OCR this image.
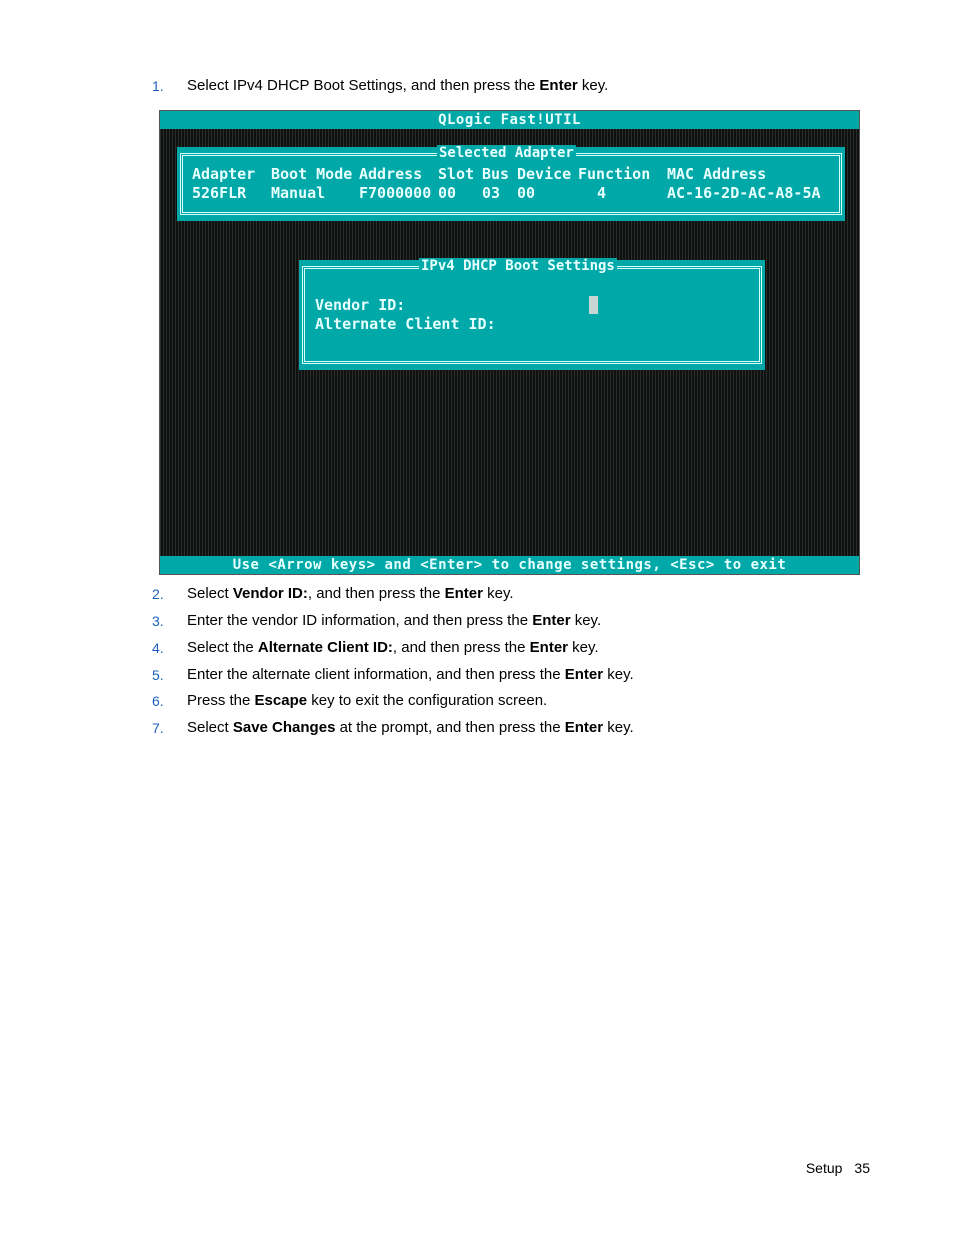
1. Select IPv4 DHCP Boot Settings, and then press the Enter key.
QLogic Fast!UTIL
Selected Adapter
Adapter Boot Mode Address Slot Bus Device Function MAC Address
526FLR Manual F7000000 00 03 00	4	AC-16-2D-AC-A8-5A
IPv4 DHCP Boot Settings
Vendor ID:
Alternate Client ID:
Use <Arrow keys> and <Enter> to change settings, <Esc> to exit
2. Select Vendor ID:, and then press the Enter key.
3. Enter the vendor ID information, and then press the Enter key.
4. Select the Alternate Client ID:, and then press the Enter key.
5. Enter the alternate client information, and then press the Enter key.
6. Press the Escape key to exit the configuration screen.
7. Select Save Changes at the prompt, and then press the Enter key.
Setup 35
